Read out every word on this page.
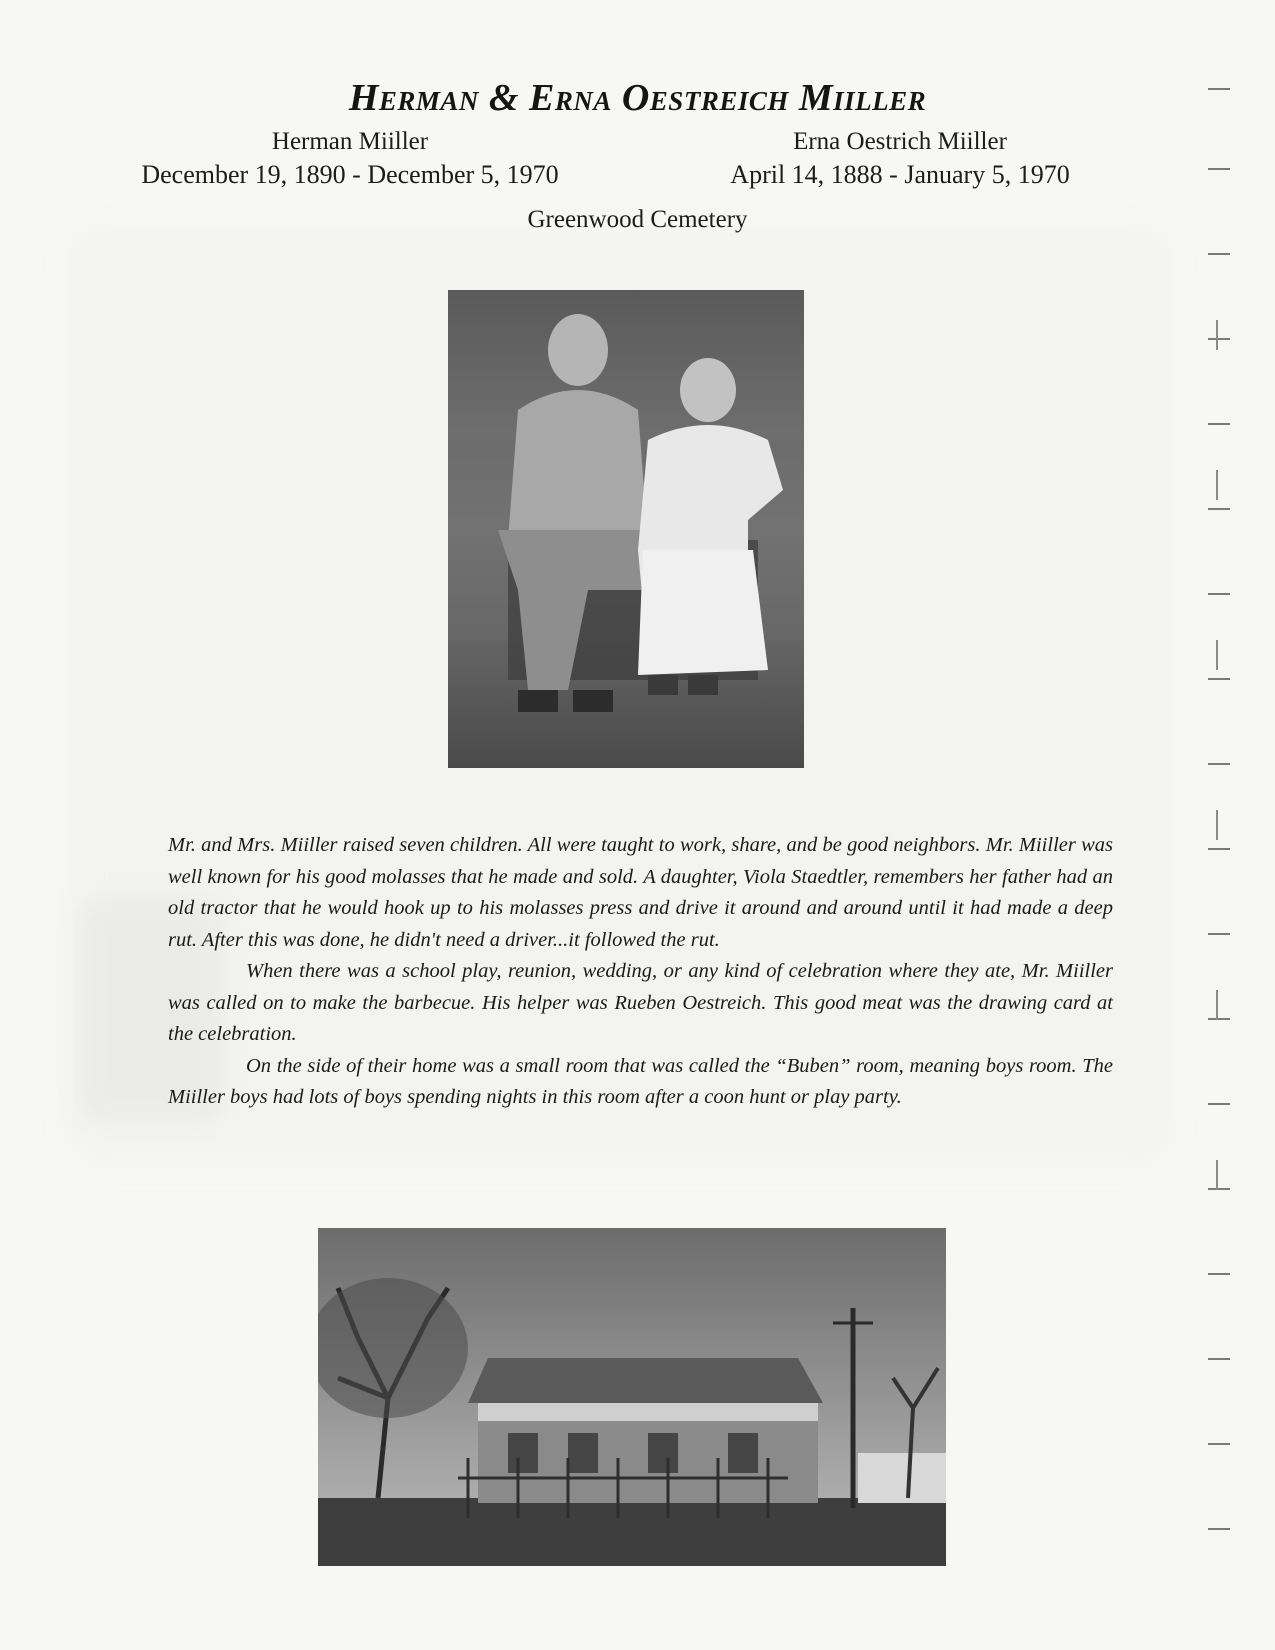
Herman & Erna Oestreich Miiller
Herman Miiller
December 19, 1890 - December 5, 1970
Erna Oestrich Miiller
April 14, 1888 - January 5, 1970
Greenwood Cemetery

Mr. and Mrs. Miiller raised seven children. All were taught to work, share, and be good neighbors. Mr. Miiller was well known for his good molasses that he made and sold. A daughter, Viola Staedtler, remembers her father had an old tractor that he would hook up to his molasses press and drive it around and around until it had made a deep rut. After this was done, he didn't need a driver...it followed the rut.

When there was a school play, reunion, wedding, or any kind of celebration where they ate, Mr. Miiller was called on to make the barbecue. His helper was Rueben Oestreich. This good meat was the drawing card at the celebration.

On the side of their home was a small room that was called the “Buben” room, meaning boys room. The Miiller boys had lots of boys spending nights in this room after a coon hunt or play party.
